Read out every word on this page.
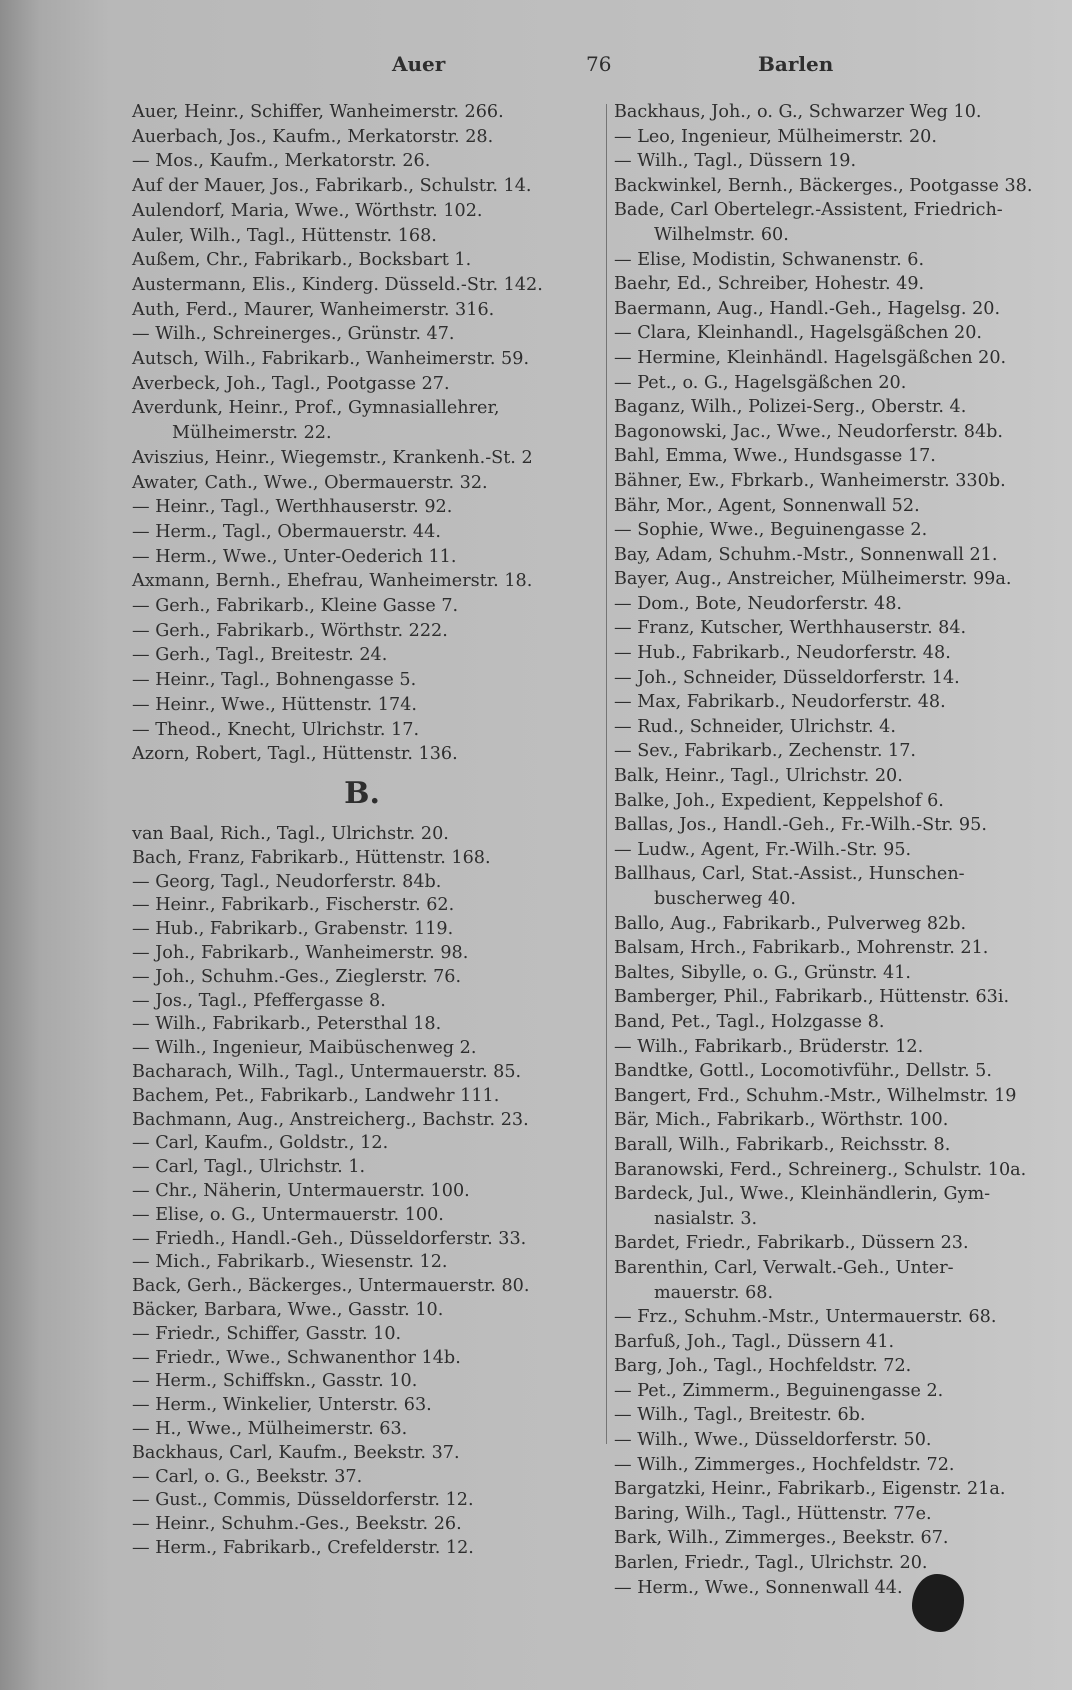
Auer	76	Barlen
Auer, Heinr., Schiffer, Wanheimerstr. 266.
Auerbach, Jos., Kaufm., Merkatorstr. 28.
— Mos., Kaufm., Merkatorstr. 26.
Auf der Mauer, Jos., Fabrikarb., Schulstr. 14.
Aulendorf, Maria, Wwe., Wörthstr. 102.
Auler, Wilh., Tagl., Hüttenstr. 168.
Außem, Chr., Fabrikarb., Bocksbart 1.
Austermann, Elis., Kinderg. Düsseld.-Str. 142.
Auth, Ferd., Maurer, Wanheimerstr. 316.
— Wilh., Schreinerges., Grünstr. 47.
Autsch, Wilh., Fabrikarb., Wanheimerstr. 59.
Averbeck, Joh., Tagl., Pootgasse 27.
Averdunk, Heinr., Prof., Gymnasiallehrer,
Mülheimerstr. 22.
Aviszius, Heinr., Wiegemstr., Krankenh.-St. 2
Awater, Cath., Wwe., Obermauerstr. 32.
— Heinr., Tagl., Werthhauserstr. 92.
— Herm., Tagl., Obermauerstr. 44.
— Herm., Wwe., Unter-Oederich 11.
Axmann, Bernh., Ehefrau, Wanheimerstr. 18.
— Gerh., Fabrikarb., Kleine Gasse 7.
— Gerh., Fabrikarb., Wörthstr. 222.
— Gerh., Tagl., Breitestr. 24.
— Heinr., Tagl., Bohnengasse 5.
— Heinr., Wwe., Hüttenstr. 174.
— Theod., Knecht, Ulrichstr. 17.
Azorn, Robert, Tagl., Hüttenstr. 136.
B.
van Baal, Rich., Tagl., Ulrichstr. 20.
Bach, Franz, Fabrikarb., Hüttenstr. 168.
— Georg, Tagl., Neudorferstr. 84b.
— Heinr., Fabrikarb., Fischerstr. 62.
— Hub., Fabrikarb., Grabenstr. 119.
— Joh., Fabrikarb., Wanheimerstr. 98.
— Joh., Schuhm.-Ges., Zieglerstr. 76.
— Jos., Tagl., Pfeffergasse 8.
— Wilh., Fabrikarb., Petersthal 18.
— Wilh., Ingenieur, Maibüschenweg 2.
Bacharach, Wilh., Tagl., Untermauerstr. 85.
Bachem, Pet., Fabrikarb., Landwehr 111.
Bachmann, Aug., Anstreicherg., Bachstr. 23.
— Carl, Kaufm., Goldstr., 12.
— Carl, Tagl., Ulrichstr. 1.
— Chr., Näherin, Untermauerstr. 100.
— Elise, o. G., Untermauerstr. 100.
— Friedh., Handl.-Geh., Düsseldorferstr. 33.
— Mich., Fabrikarb., Wiesenstr. 12.
Back, Gerh., Bäckerges., Untermauerstr. 80.
Bäcker, Barbara, Wwe., Gasstr. 10.
— Friedr., Schiffer, Gasstr. 10.
— Friedr., Wwe., Schwanenthor 14b.
— Herm., Schiffskn., Gasstr. 10.
— Herm., Winkelier, Unterstr. 63.
— H., Wwe., Mülheimerstr. 63.
Backhaus, Carl, Kaufm., Beekstr. 37.
— Carl, o. G., Beekstr. 37.
— Gust., Commis, Düsseldorferstr. 12.
— Heinr., Schuhm.-Ges., Beekstr. 26.
— Herm., Fabrikarb., Crefelderstr. 12.
Backhaus, Joh., o. G., Schwarzer Weg 10.
— Leo, Ingenieur, Mülheimerstr. 20.
— Wilh., Tagl., Düssern 19.
Backwinkel, Bernh., Bäckerges., Pootgasse 38.
Bade, Carl Obertelegr.-Assistent, Friedrich-
Wilhelmstr. 60.
— Elise, Modistin, Schwanenstr. 6.
Baehr, Ed., Schreiber, Hohestr. 49.
Baermann, Aug., Handl.-Geh., Hagelsg. 20.
— Clara, Kleinhandl., Hagelsgäßchen 20.
— Hermine, Kleinhändl. Hagelsgäßchen 20.
— Pet., o. G., Hagelsgäßchen 20.
Baganz, Wilh., Polizei-Serg., Oberstr. 4.
Bagonowski, Jac., Wwe., Neudorferstr. 84b.
Bahl, Emma, Wwe., Hundsgasse 17.
Bähner, Ew., Fbrkarb., Wanheimerstr. 330b.
Bähr, Mor., Agent, Sonnenwall 52.
— Sophie, Wwe., Beguinengasse 2.
Bay, Adam, Schuhm.-Mstr., Sonnenwall 21.
Bayer, Aug., Anstreicher, Mülheimerstr. 99a.
— Dom., Bote, Neudorferstr. 48.
— Franz, Kutscher, Werthhauserstr. 84.
— Hub., Fabrikarb., Neudorferstr. 48.
— Joh., Schneider, Düsseldorferstr. 14.
— Max, Fabrikarb., Neudorferstr. 48.
— Rud., Schneider, Ulrichstr. 4.
— Sev., Fabrikarb., Zechenstr. 17.
Balk, Heinr., Tagl., Ulrichstr. 20.
Balke, Joh., Expedient, Keppelshof 6.
Ballas, Jos., Handl.-Geh., Fr.-Wilh.-Str. 95.
— Ludw., Agent, Fr.-Wilh.-Str. 95.
Ballhaus, Carl, Stat.-Assist., Hunschen-
buscherweg 40.
Ballo, Aug., Fabrikarb., Pulverweg 82b.
Balsam, Hrch., Fabrikarb., Mohrenstr. 21.
Baltes, Sibylle, o. G., Grünstr. 41.
Bamberger, Phil., Fabrikarb., Hüttenstr. 63i.
Band, Pet., Tagl., Holzgasse 8.
— Wilh., Fabrikarb., Brüderstr. 12.
Bandtke, Gottl., Locomotivführ., Dellstr. 5.
Bangert, Frd., Schuhm.-Mstr., Wilhelmstr. 19
Bär, Mich., Fabrikarb., Wörthstr. 100.
Barall, Wilh., Fabrikarb., Reichsstr. 8.
Baranowski, Ferd., Schreinerg., Schulstr. 10a.
Bardeck, Jul., Wwe., Kleinhändlerin, Gym-
nasialstr. 3.
Bardet, Friedr., Fabrikarb., Düssern 23.
Barenthin, Carl, Verwalt.-Geh., Unter-
mauerstr. 68.
— Frz., Schuhm.-Mstr., Untermauerstr. 68.
Barfuß, Joh., Tagl., Düssern 41.
Barg, Joh., Tagl., Hochfeldstr. 72.
— Pet., Zimmerm., Beguinengasse 2.
— Wilh., Tagl., Breitestr. 6b.
— Wilh., Wwe., Düsseldorferstr. 50.
— Wilh., Zimmerges., Hochfeldstr. 72.
Bargatzki, Heinr., Fabrikarb., Eigenstr. 21a.
Baring, Wilh., Tagl., Hüttenstr. 77e.
Bark, Wilh., Zimmerges., Beekstr. 67.
Barlen, Friedr., Tagl., Ulrichstr. 20.
— Herm., Wwe., Sonnenwall 44.
